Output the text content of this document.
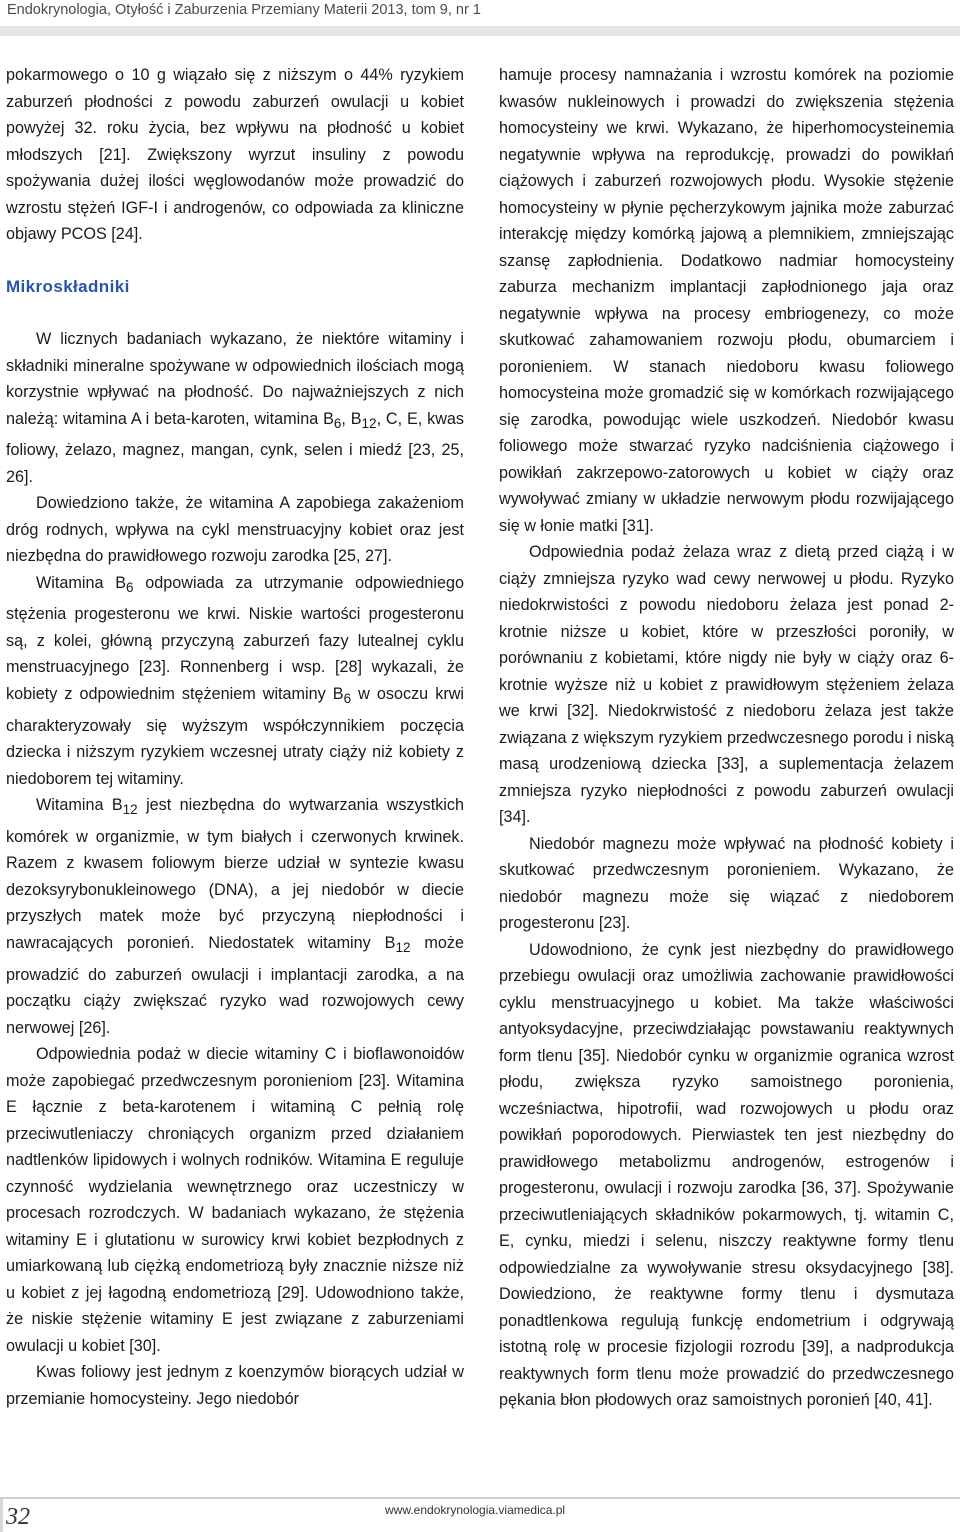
Endokrynologia, Otyłość i Zaburzenia Przemiany Materii 2013, tom 9, nr 1

pokarmowego o 10 g wiązało się z niższym o 44% ryzykiem zaburzeń płodności z powodu zaburzeń owulacji u kobiet powyżej 32. roku życia, bez wpływu na płodność u kobiet młodszych [21]. Zwiększony wyrzut insuliny z powodu spożywania dużej ilości węglowodanów może prowadzić do wzrostu stężeń IGF-I i androgenów, co odpowiada za kliniczne objawy PCOS [24].

Mikroskładniki

W licznych badaniach wykazano, że niektóre witaminy i składniki mineralne spożywane w odpowiednich ilościach mogą korzystnie wpływać na płodność. Do najważniejszych z nich należą: witamina A i beta-karoten, witamina $B_6$, $B_{12}$, C, E, kwas foliowy, żelazo, magnez, mangan, cynk, selen i miedź [23, 25, 26].

Dowiedziono także, że witamina A zapobiega zakażeniom dróg rodnych, wpływa na cykl menstruacyjny kobiet oraz jest niezbędna do prawidłowego rozwoju zarodka [25, 27].

Witamina $B_6$ odpowiada za utrzymanie odpowiedniego stężenia progesteronu we krwi. Niskie wartości progesteronu są, z kolei, główną przyczyną zaburzeń fazy lutealnej cyklu menstruacyjnego [23]. Ronnenberg i wsp. [28] wykazali, że kobiety z odpowiednim stężeniem witaminy $B_6$ w osoczu krwi charakteryzowały się wyższym współczynnikiem poczęcia dziecka i niższym ryzykiem wczesnej utraty ciąży niż kobiety z niedoborem tej witaminy.

Witamina $B_{12}$ jest niezbędna do wytwarzania wszystkich komórek w organizmie, w tym białych i czerwonych krwinek. Razem z kwasem foliowym bierze udział w syntezie kwasu dezoksyrybonukleinowego (DNA), a jej niedobór w diecie przyszłych matek może być przyczyną niepłodności i nawracających poronień. Niedostatek witaminy $B_{12}$ może prowadzić do zaburzeń owulacji i implantacji zarodka, a na początku ciąży zwiększać ryzyko wad rozwojowych cewy nerwowej [26].

Odpowiednia podaż w diecie witaminy C i bioflawonoidów może zapobiegać przedwczesnym poronieniom [23]. Witamina E łącznie z beta-karotenem i witaminą C pełnią rolę przeciwutleniaczy chroniących organizm przed działaniem nadtlenków lipidowych i wolnych rodników. Witamina E reguluje czynność wydzielania wewnętrznego oraz uczestniczy w procesach rozrodczych. W badaniach wykazano, że stężenia witaminy E i glutationu w surowicy krwi kobiet bezpłodnych z umiarkowaną lub ciężką endometriozą były znacznie niższe niż u kobiet z jej łagodną endometriozą [29]. Udowodniono także, że niskie stężenie witaminy E jest związane z zaburzeniami owulacji u kobiet [30].

Kwas foliowy jest jednym z koenzymów biorących udział w przemianie homocysteiny. Jego niedobór

hamuje procesy namnażania i wzrostu komórek na poziomie kwasów nukleinowych i prowadzi do zwiększenia stężenia homocysteiny we krwi. Wykazano, że hiperhomocysteinemia negatywnie wpływa na reprodukcję, prowadzi do powikłań ciążowych i zaburzeń rozwojowych płodu. Wysokie stężenie homocysteiny w płynie pęcherzykowym jajnika może zaburzać interakcję między komórką jajową a plemnikiem, zmniejszając szansę zapłodnienia. Dodatkowo nadmiar homocysteiny zaburza mechanizm implantacji zapłodnionego jaja oraz negatywnie wpływa na procesy embriogenezy, co może skutkować zahamowaniem rozwoju płodu, obumarciem i poronieniem. W stanach niedoboru kwasu foliowego homocysteina może gromadzić się w komórkach rozwijającego się zarodka, powodując wiele uszkodzeń. Niedobór kwasu foliowego może stwarzać ryzyko nadciśnienia ciążowego i powikłań zakrzepowo-zatorowych u kobiet w ciąży oraz wywoływać zmiany w układzie nerwowym płodu rozwijającego się w łonie matki [31].

Odpowiednia podaż żelaza wraz z dietą przed ciążą i w ciąży zmniejsza ryzyko wad cewy nerwowej u płodu. Ryzyko niedokrwistości z powodu niedoboru żelaza jest ponad 2-krotnie niższe u kobiet, które w przeszłości poroniły, w porównaniu z kobietami, które nigdy nie były w ciąży oraz 6-krotnie wyższe niż u kobiet z prawidłowym stężeniem żelaza we krwi [32]. Niedokrwistość z niedoboru żelaza jest także związana z większym ryzykiem przedwczesnego porodu i niską masą urodzeniową dziecka [33], a suplementacja żelazem zmniejsza ryzyko niepłodności z powodu zaburzeń owulacji [34].

Niedobór magnezu może wpływać na płodność kobiety i skutkować przedwczesnym poronieniem. Wykazano, że niedobór magnezu może się wiązać z niedoborem progesteronu [23].

Udowodniono, że cynk jest niezbędny do prawidłowego przebiegu owulacji oraz umożliwia zachowanie prawidłowości cyklu menstruacyjnego u kobiet. Ma także właściwości antyoksydacyjne, przeciwdziałając powstawaniu reaktywnych form tlenu [35]. Niedobór cynku w organizmie ogranica wzrost płodu, zwiększa ryzyko samoistnego poronienia, wcześniactwa, hipotrofii, wad rozwojowych u płodu oraz powikłań poporodowych. Pierwiastek ten jest niezbędny do prawidłowego metabolizmu androgenów, estrogenów i progesteronu, owulacji i rozwoju zarodka [36, 37]. Spożywanie przeciwutleniających składników pokarmowych, tj. witamin C, E, cynku, miedzi i selenu, niszczy reaktywne formy tlenu odpowiedzialne za wywoływanie stresu oksydacyjnego [38]. Dowiedziono, że reaktywne formy tlenu i dysmutaza ponadtlenkowa regulują funkcję endometrium i odgrywają istotną rolę w procesie fizjologii rozrodu [39], a nadprodukcja reaktywnych form tlenu może prowadzić do przedwczesnego pękania błon płodowych oraz samoistnych poronień [40, 41].

32	www.endokrynologia.viamedica.pl
